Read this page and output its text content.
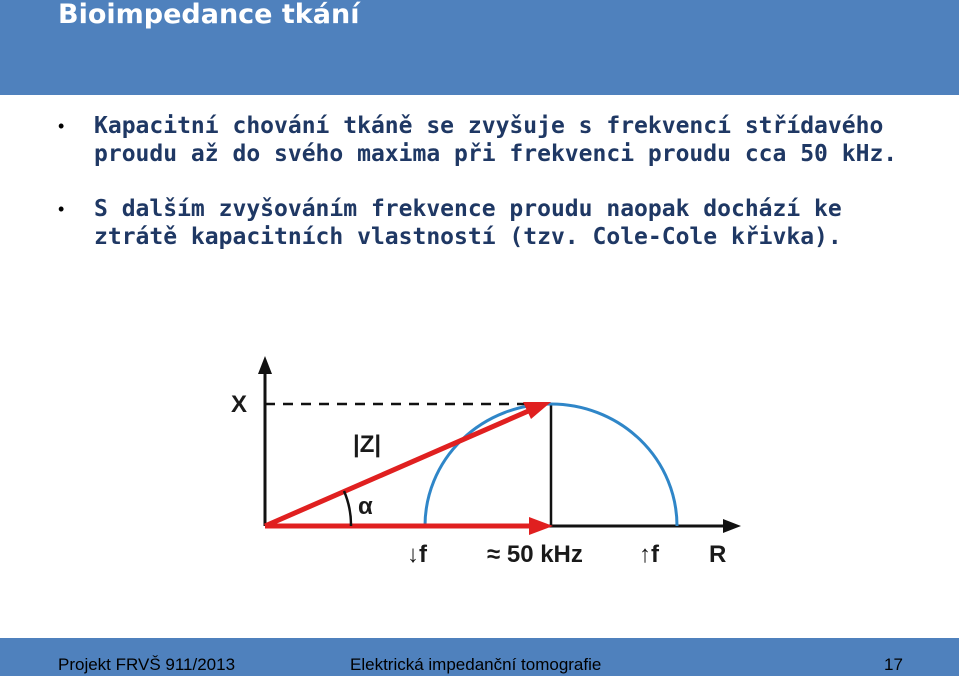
Bioimpedance tkání
• Kapacitní chování tkáně se zvyšuje s frekvencí střídavého proudu až do svého maxima při frekvenci proudu cca 50 kHz.
• S dalším zvyšováním frekvence proudu naopak dochází ke ztrátě kapacitních vlastností (tzv. Cole-Cole křivka).
X
|Z|
α
↓f	≈ 50 kHz ↑f R
Projekt FRVŠ 911/2013	Elektrická impedanční tomografie	17
